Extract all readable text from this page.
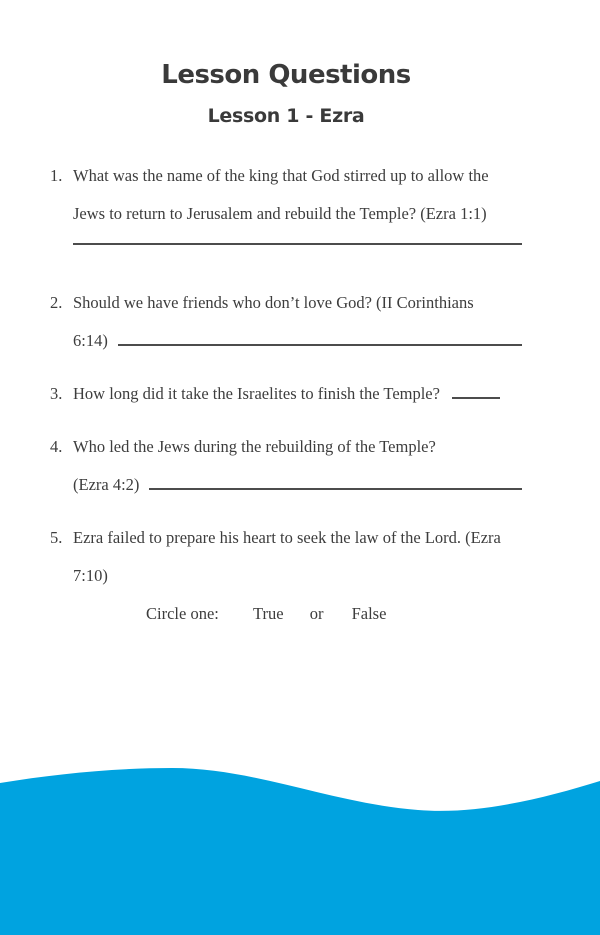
Lesson Questions
Lesson 1 - Ezra
1. What was the name of the king that God stirred up to allow the
Jews to return to Jerusalem and rebuild the Temple? (Ezra 1:1)
2. Should we have friends who don’t love God? (II Corinthians
6:14)
3. How long did it take the Israelites to finish the Temple?
4. Who led the Jews during the rebuilding of the Temple?
(Ezra 4:2)
5. Ezra failed to prepare his heart to seek the law of the Lord. (Ezra
7:10)
Circle one: True or False
